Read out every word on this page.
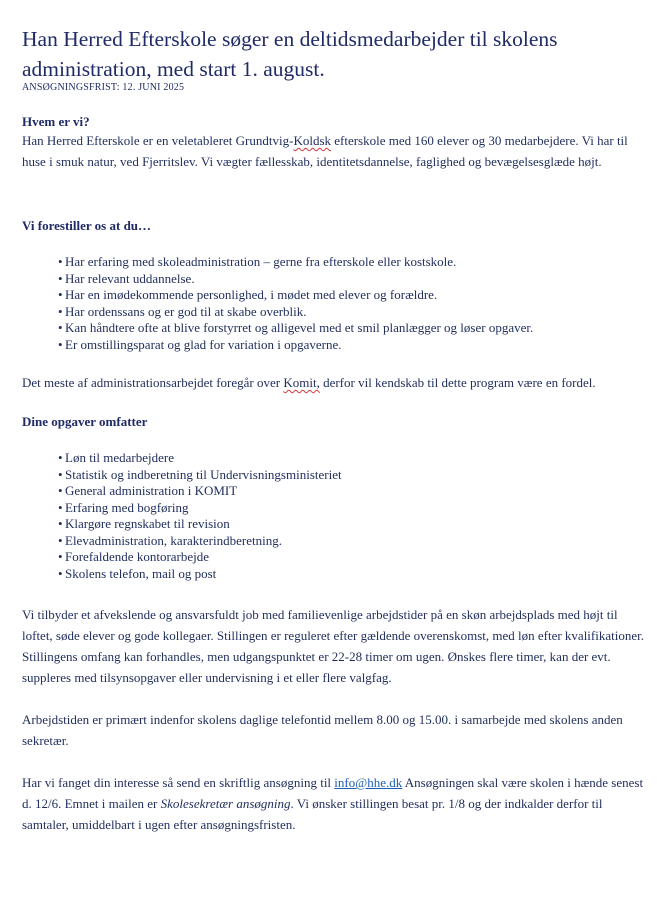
Han Herred Efterskole søger en deltidsmedarbejder til skolens administration, med start 1. august.
ANSØGNINGSFRIST: 12. JUNI 2025
Hvem er vi?

Han Herred Efterskole er en veletableret Grundtvig-Koldsk efterskole med 160 elever og 30 medarbejdere. Vi har til huse i smuk natur, ved Fjerritslev. Vi vægter fællesskab, identitetsdannelse, faglighed og bevægelsesglæde højt.

Vi forestiller os at du…
• Har erfaring med skoleadministration – gerne fra efterskole eller kostskole.
• Har relevant uddannelse.
• Har en imødekommende personlighed, i mødet med elever og forældre.
• Har ordenssans og er god til at skabe overblik.
• Kan håndtere ofte at blive forstyrret og alligevel med et smil planlægger og løser opgaver.
• Er omstillingsparat og glad for variation i opgaverne.

Det meste af administrationsarbejdet foregår over Komit, derfor vil kendskab til dette program være en fordel.

Dine opgaver omfatter
• Løn til medarbejdere
• Statistik og indberetning til Undervisningsministeriet
• General administration i KOMIT
• Erfaring med bogføring
• Klargøre regnskabet til revision
• Elevadministration, karakterindberetning.
• Forefaldende kontorarbejde
• Skolens telefon, mail og post

Vi tilbyder et afvekslende og ansvarsfuldt job med familievenlige arbejdstider på en skøn arbejdsplads med højt til loftet, søde elever og gode kollegaer. Stillingen er reguleret efter gældende overenskomst, med løn efter kvalifikationer. Stillingens omfang kan forhandles, men udgangspunktet er 22-28 timer om ugen. Ønskes flere timer, kan der evt. suppleres med tilsynsopgaver eller undervisning i et eller flere valgfag.

Arbejdstiden er primært indenfor skolens daglige telefontid mellem 8.00 og 15.00. i samarbejde med skolens anden sekretær.

Har vi fanget din interesse så send en skriftlig ansøgning til info@hhe.dk Ansøgningen skal være skolen i hænde senest d. 12/6. Emnet i mailen er Skolesekretær ansøgning. Vi ønsker stillingen besat pr. 1/8 og der indkalder derfor til samtaler, umiddelbart i ugen efter ansøgningsfristen.
